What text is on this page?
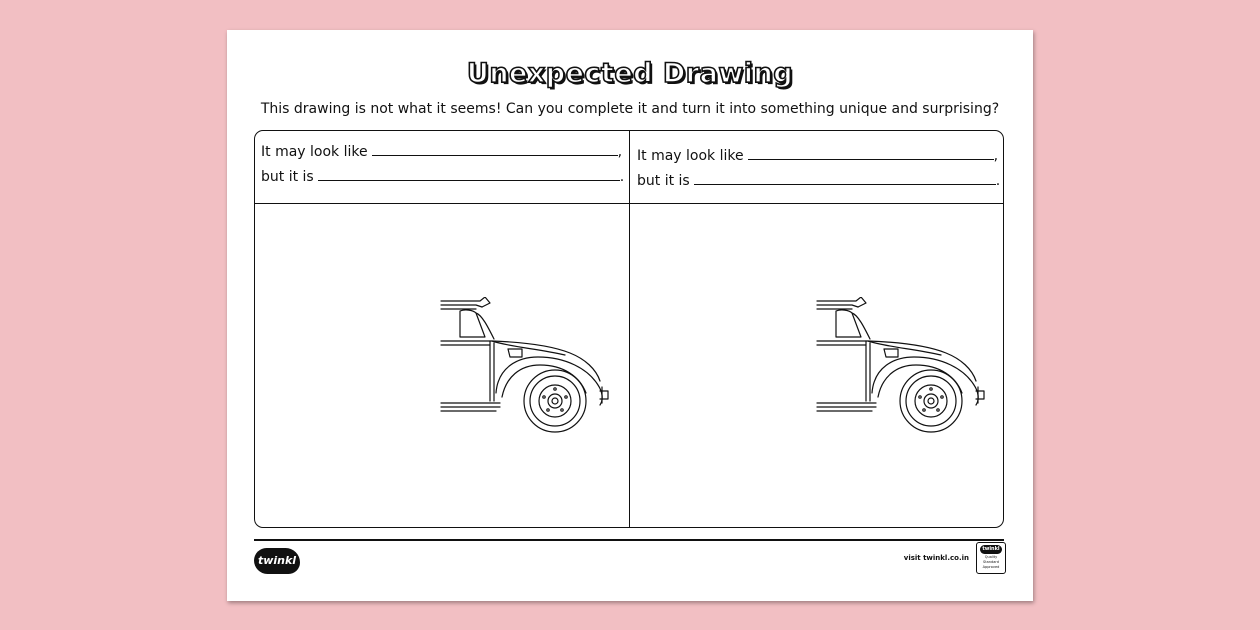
Unexpected Drawing
This drawing is not what it seems! Can you complete it and turn it into something unique and surprising?
It may look like	,
but it is	.
It may look like	,
but it is	.
twinkl	visit twinkl.co.in
twinkl
Quality Standard Approved
